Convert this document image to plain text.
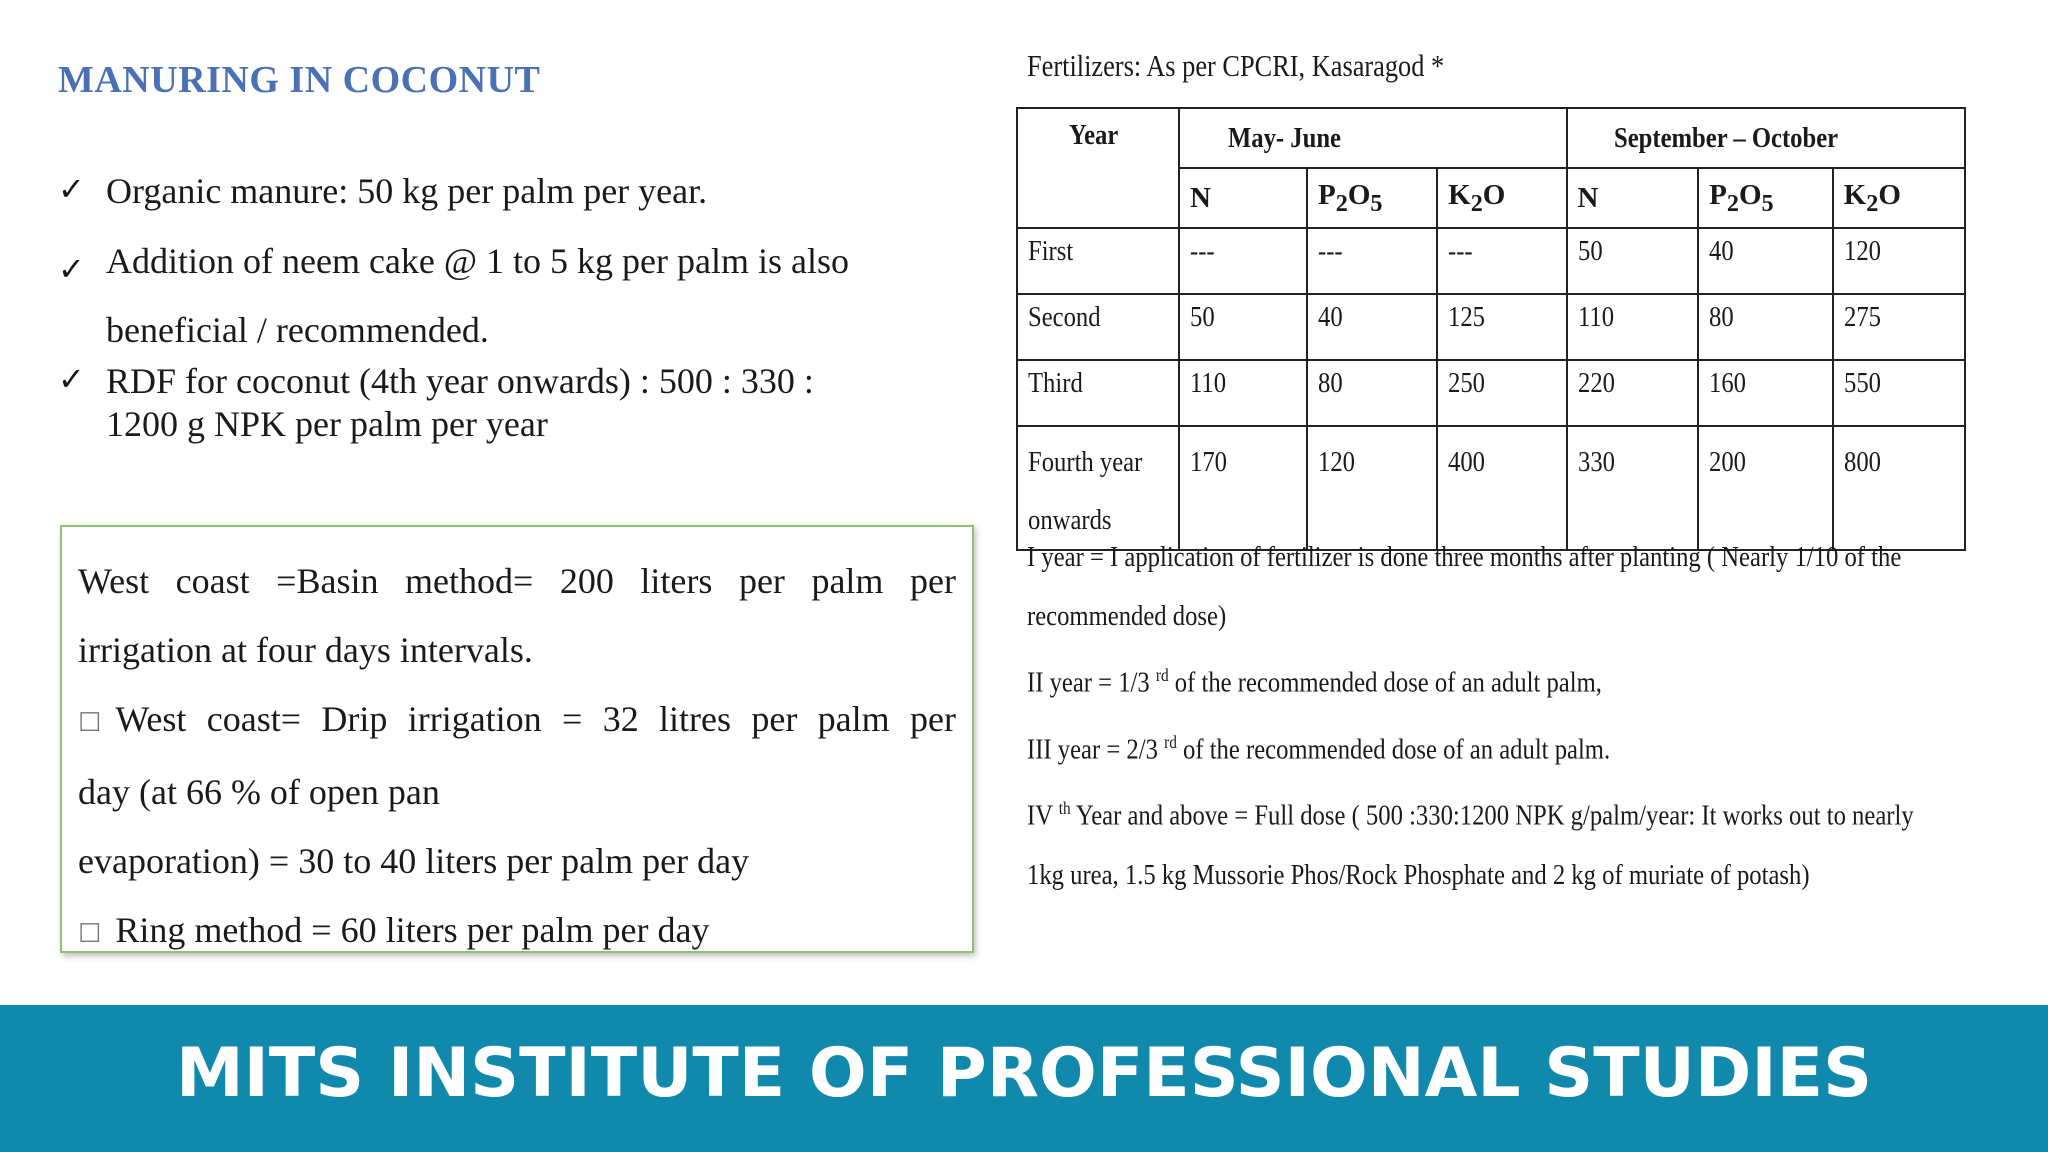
MANURING IN COCONUT
✓ Organic manure: 50 kg per palm per year.
✓ Addition of neem cake @ 1 to 5 kg per palm is also
beneficial / recommended.
✓ RDF for coconut (4th year onwards) : 500 : 330 :
1200 g NPK per palm per year
West coast =Basin method= 200 liters per palm per
irrigation at four days intervals.
☐ West coast= Drip irrigation = 32 litres per palm per
day (at 66 % of open pan
evaporation) = 30 to 40 liters per palm per day
☐ Ring method = 60 liters per palm per day
Fertilizers: As per CPCRI, Kasaragod *
Year	May- June			September – October		
	N	$P_2O_5$	$K_2O$	N	$P_2O_5$	$K_2O$
First	---	---	---	50	40	120
Second	50	40	125	110	80	275
Third	110	80	250	220	160	550
Fourth year onwards	170	120	400	330	200	800
I year = I application of fertilizer is done three months after planting ( Nearly 1/10 of the
recommended dose)
II year = 1/3 $^{rd}$ of the recommended dose of an adult palm,
III year = 2/3 $^{rd}$ of the recommended dose of an adult palm.
IV $^{th}$ Year and above = Full dose ( 500 :330:1200 NPK g/palm/year: It works out to nearly
1kg urea, 1.5 kg Mussorie Phos/Rock Phosphate and 2 kg of muriate of potash)
MITS INSTITUTE OF PROFESSIONAL STUDIES
